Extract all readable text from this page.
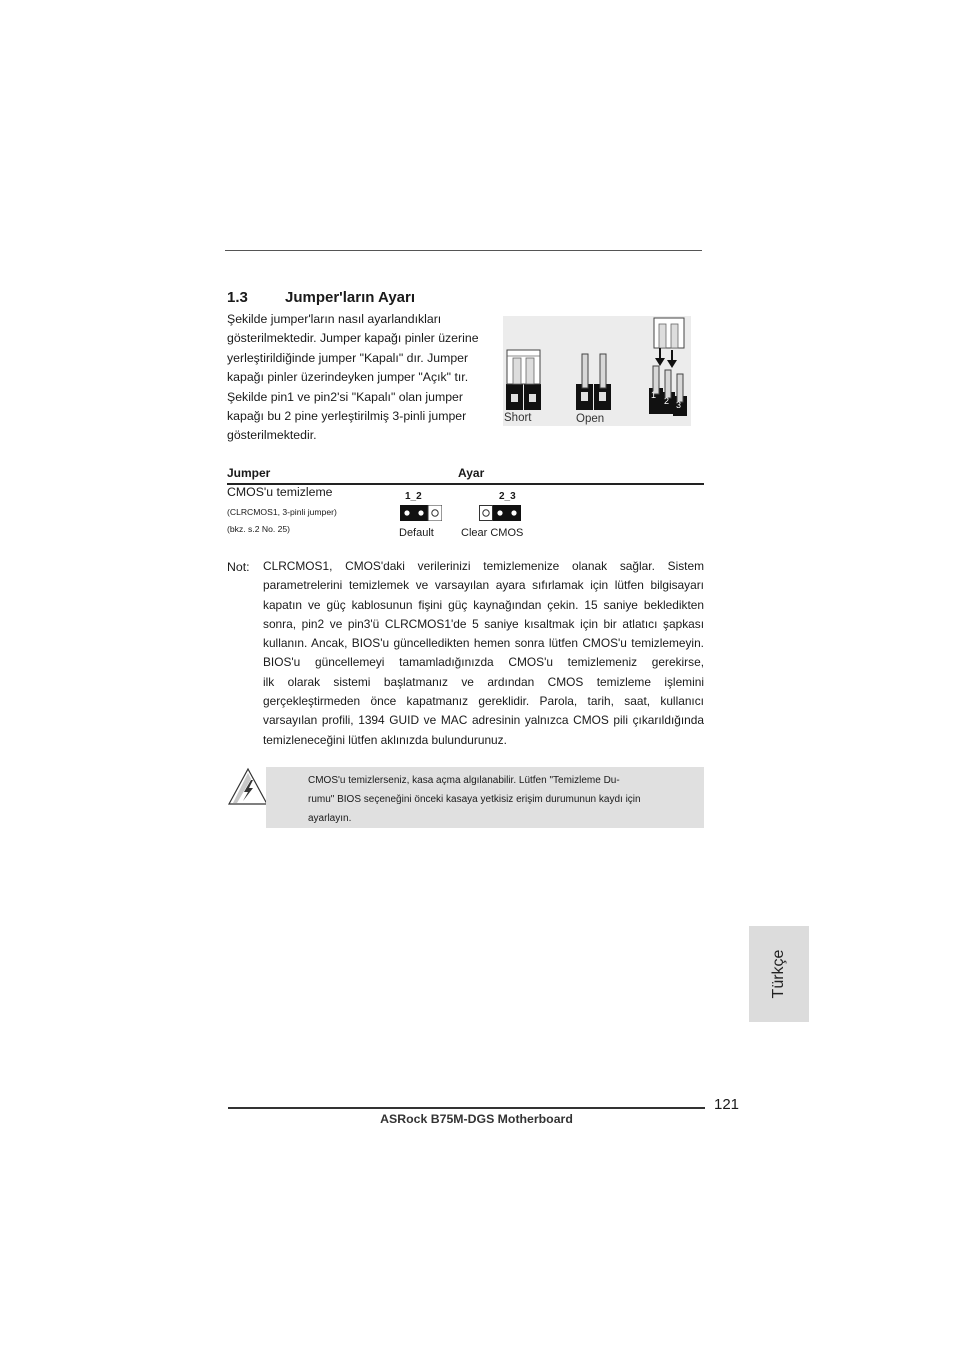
1.3 Jumper'ların Ayarı
Şekilde jumper'ların nasıl ayarlandıkları
gösterilmektedir. Jumper kapağı pinler üzerine
yerleştirildiğinde jumper "Kapalı" dır. Jumper
kapağı pinler üzerindeyken jumper "Açık" tır.
Şekilde pin1 ve pin2'si "Kapalı" olan jumper
kapağı bu 2 pine yerleştirilmiş 3-pinli jumper
gösterilmektedir.
Short	Open
1
2 3
Jumper	Ayar
CMOS'u temizleme
(CLRCMOS1, 3-pinli jumper)
(bkz. s.2 No. 25)
1_2
Default
2_3
Clear CMOS
Not: CLRCMOS1, CMOS'daki verilerinizi temizlemenize olanak sağlar. Sistem
parametrelerini temizlemek ve varsayılan ayara sıfırlamak için lütfen bilgisayarı
kapatın ve güç kablosunun fişini güç kaynağından çekin. 15 saniye bekledikten
sonra, pin2 ve pin3'ü CLRCMOS1'de 5 saniye kısaltmak için bir atlatıcı şapkası
kullanın. Ancak, BIOS'u güncelledikten hemen sonra lütfen CMOS'u temizlemeyin.
BIOS'u güncellemeyi tamamladığınızda CMOS'u temizlemeniz gerekirse,
ilk olarak sistemi başlatmanız ve ardından CMOS temizleme işlemini
gerçekleştirmeden önce kapatmanız gereklidir. Parola, tarih, saat, kullanıcı
varsayılan profili, 1394 GUID ve MAC adresinin yalnızca CMOS pili çıkarıldığında
temizleneceğini lütfen aklınızda bulundurunuz.
CMOS'u temizlerseniz, kasa açma algılanabilir. Lütfen "Temizleme Du-
rumu" BIOS seçeneğini önceki kasaya yetkisiz erişim durumunun kaydı için
ayarlayın.
Türkçe
121
ASRock B75M-DGS Motherboard
